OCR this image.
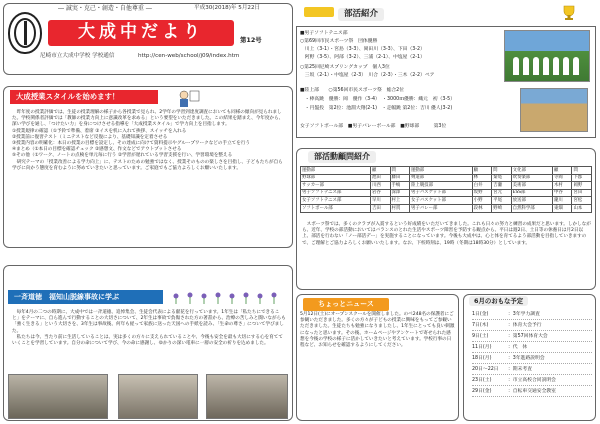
― 誠実・克己・創造・自他尊重 ―	平成30(2018)年 5月22日
大成中だより	第12号
尼崎市立大成中学校 学校通信	http://cen-web/school/j09/index.htm
部活紹介
■男子ソフトテニス部
○第69回市民スポーツ祭　団体優勝
　川上（3-1）・宮島（3-3）、岡田川（3-3）、下田（3-2）
　阿野（3-5）、阿部（3-2）、三浦（2-1）、中塩屋（2-1）
○第25回尼崎スプリングカップ　個人3位
　三坂（2-1）・中塩屋（2-3）　川合（2-3）・三木（2-2）ペア
■陸上部　　○第56回市民スポーツ祭　総合2位
　・棒高跳　優勝：岡　優作（3-4）　・3000ｍ優勝：織元　初（3-5）
　・円盤投　第2位：池淵大翔(2-1)　・走幅跳 第2位：吉川 優人(3-2)
女子ソフトボール部　■男子バレーボール部　■野球部　　　第3位
大成授業スタイルを始めます！
　昨年度の授業評価では、生徒の授業理解の様子から各授業で見られ、2学年の学習到達度調査においても同様の傾向が見られました。学校関係者評価では「教師の授業力向上に意識改革を求める」という要望をいただきました。この結果を踏まえ、今年度から、深い学びを通し、「つけたい力」を身につけさせる指導を「大成授業スタイル」で学力向上を目指します。
①授業規律の確認（①予鈴で準備、着席 ②イスを机に入れて挨拶、スイッチを入れる
②授業前に復習テスト（ミニテストなど反復により、基礎知識を定着させる
③授業内容の明確化：本日の授業の目標を設定し、その達成に向けて資料提示やグループワークなどの手立てを行う
④まとめ（①本日の目標を確認チェック ②感想文、作文などでアウトプットさせる
⑤その他（①ワーク、ノートの点検を単元毎に行う ②学習が遅れている学習支援を行い、学習環境を整える
　研究テーマの「授業改善による学力向上」に、テストのための勉強ではなく、授業そのものの楽しさを目指し、子どもたちが自ら学びに向かう態度を育むように努めていきたいと思っています。ご家庭でもご協力よろしくお願いいたします。
一斉道徳　福知山脱線事故に学ぶ
　毎年4月の二つの時期に、大成中では一斉道徳、追悼集会、生徒会代表による献花を行っています。1年生は「私たちにできること」をテーマに、自ら進んで行動することの大切さについて、2年生は事故で負傷された方の著書から、治療の苦しみと闘いながらも「強く生きる」という大切さを、3年生は事故後、何年も経って家族に送った天国への手紙を読み、「生命の尊さ」について学びました。
　私たちは今、当たり前に生活していることは、実は多くの方々に支えられていることや、今後も安全を最も大切にする心を育てていくことを学習しています。自分の命について学び、今の命に感謝し、ゆかりの深い電車に一層の安全の祈りを込めました。
部活動顧問紹介
運動部	顧	問	運動部	顧	問	文化部	顧	問
野球部	池田	藤田	剣道部	林	秦尾	吹奏楽部	寺岡	下郡
サッカー部	川西	手嶋	陸上競技部	白井	吉瀬	美術部	木村	岡野
男子ソフトテニス部	岩谷	深澤	男子バスケット部	坂野	宮元	ESS部	中谷	宮田
女子ソフトテニス部	早川	村上	女子バスケット部	小野	平尾	放送部	瀧川	宮松
ソフトボール部	吉田	村貫	男子バレー部	段林	野崎	自然科学部	東畑	山本
　スポーツ祭では、多くのクラブが入賞するという好成績をいただいてきました。これも日々の努力と練習の成果だと思います。しかしながら、近年、学校の部活動においてはバランスのとれた生活やスポーツ障害を予防する観点から、平日は週2日、土日等の休養日は月2日以上、部活を行わない「ノー部活デー」を実施することになっています。今後も大成中は、心と体を育てるよう部活動を目指していきますので、ご理解とご協力よろしくお願いいたします。なお、下校時刻は、19時（冬期は18時30分）としています。
ちょっとニュース
5月12日(土)にオープンスクールを開催しました。のべ248名の保護者にご参観いただきました。多くの方々が子どもの授業に興味をもってご参観いただきました。生徒たちも勉強になりましたし、1年生にとっても良い刺激になったと思います。その後、ホームページやアンケートで寄せられた感想を今後の学校の様子に活かしていきたいと考えています。学校行事の日程など、お知らせを確認するようにしてください。
6月のおもな予定
1日(金)	：3年学力調査
7日(木)	：体育大会予行
9日(土)	：第57回体育大会
11日(月)	：代　休
18日(月)	：3年進路説明会
20日〜22日 ：期末考査
23日(土)	：市立高校合同説明会
29日(金)	：自転車交通安全教室
